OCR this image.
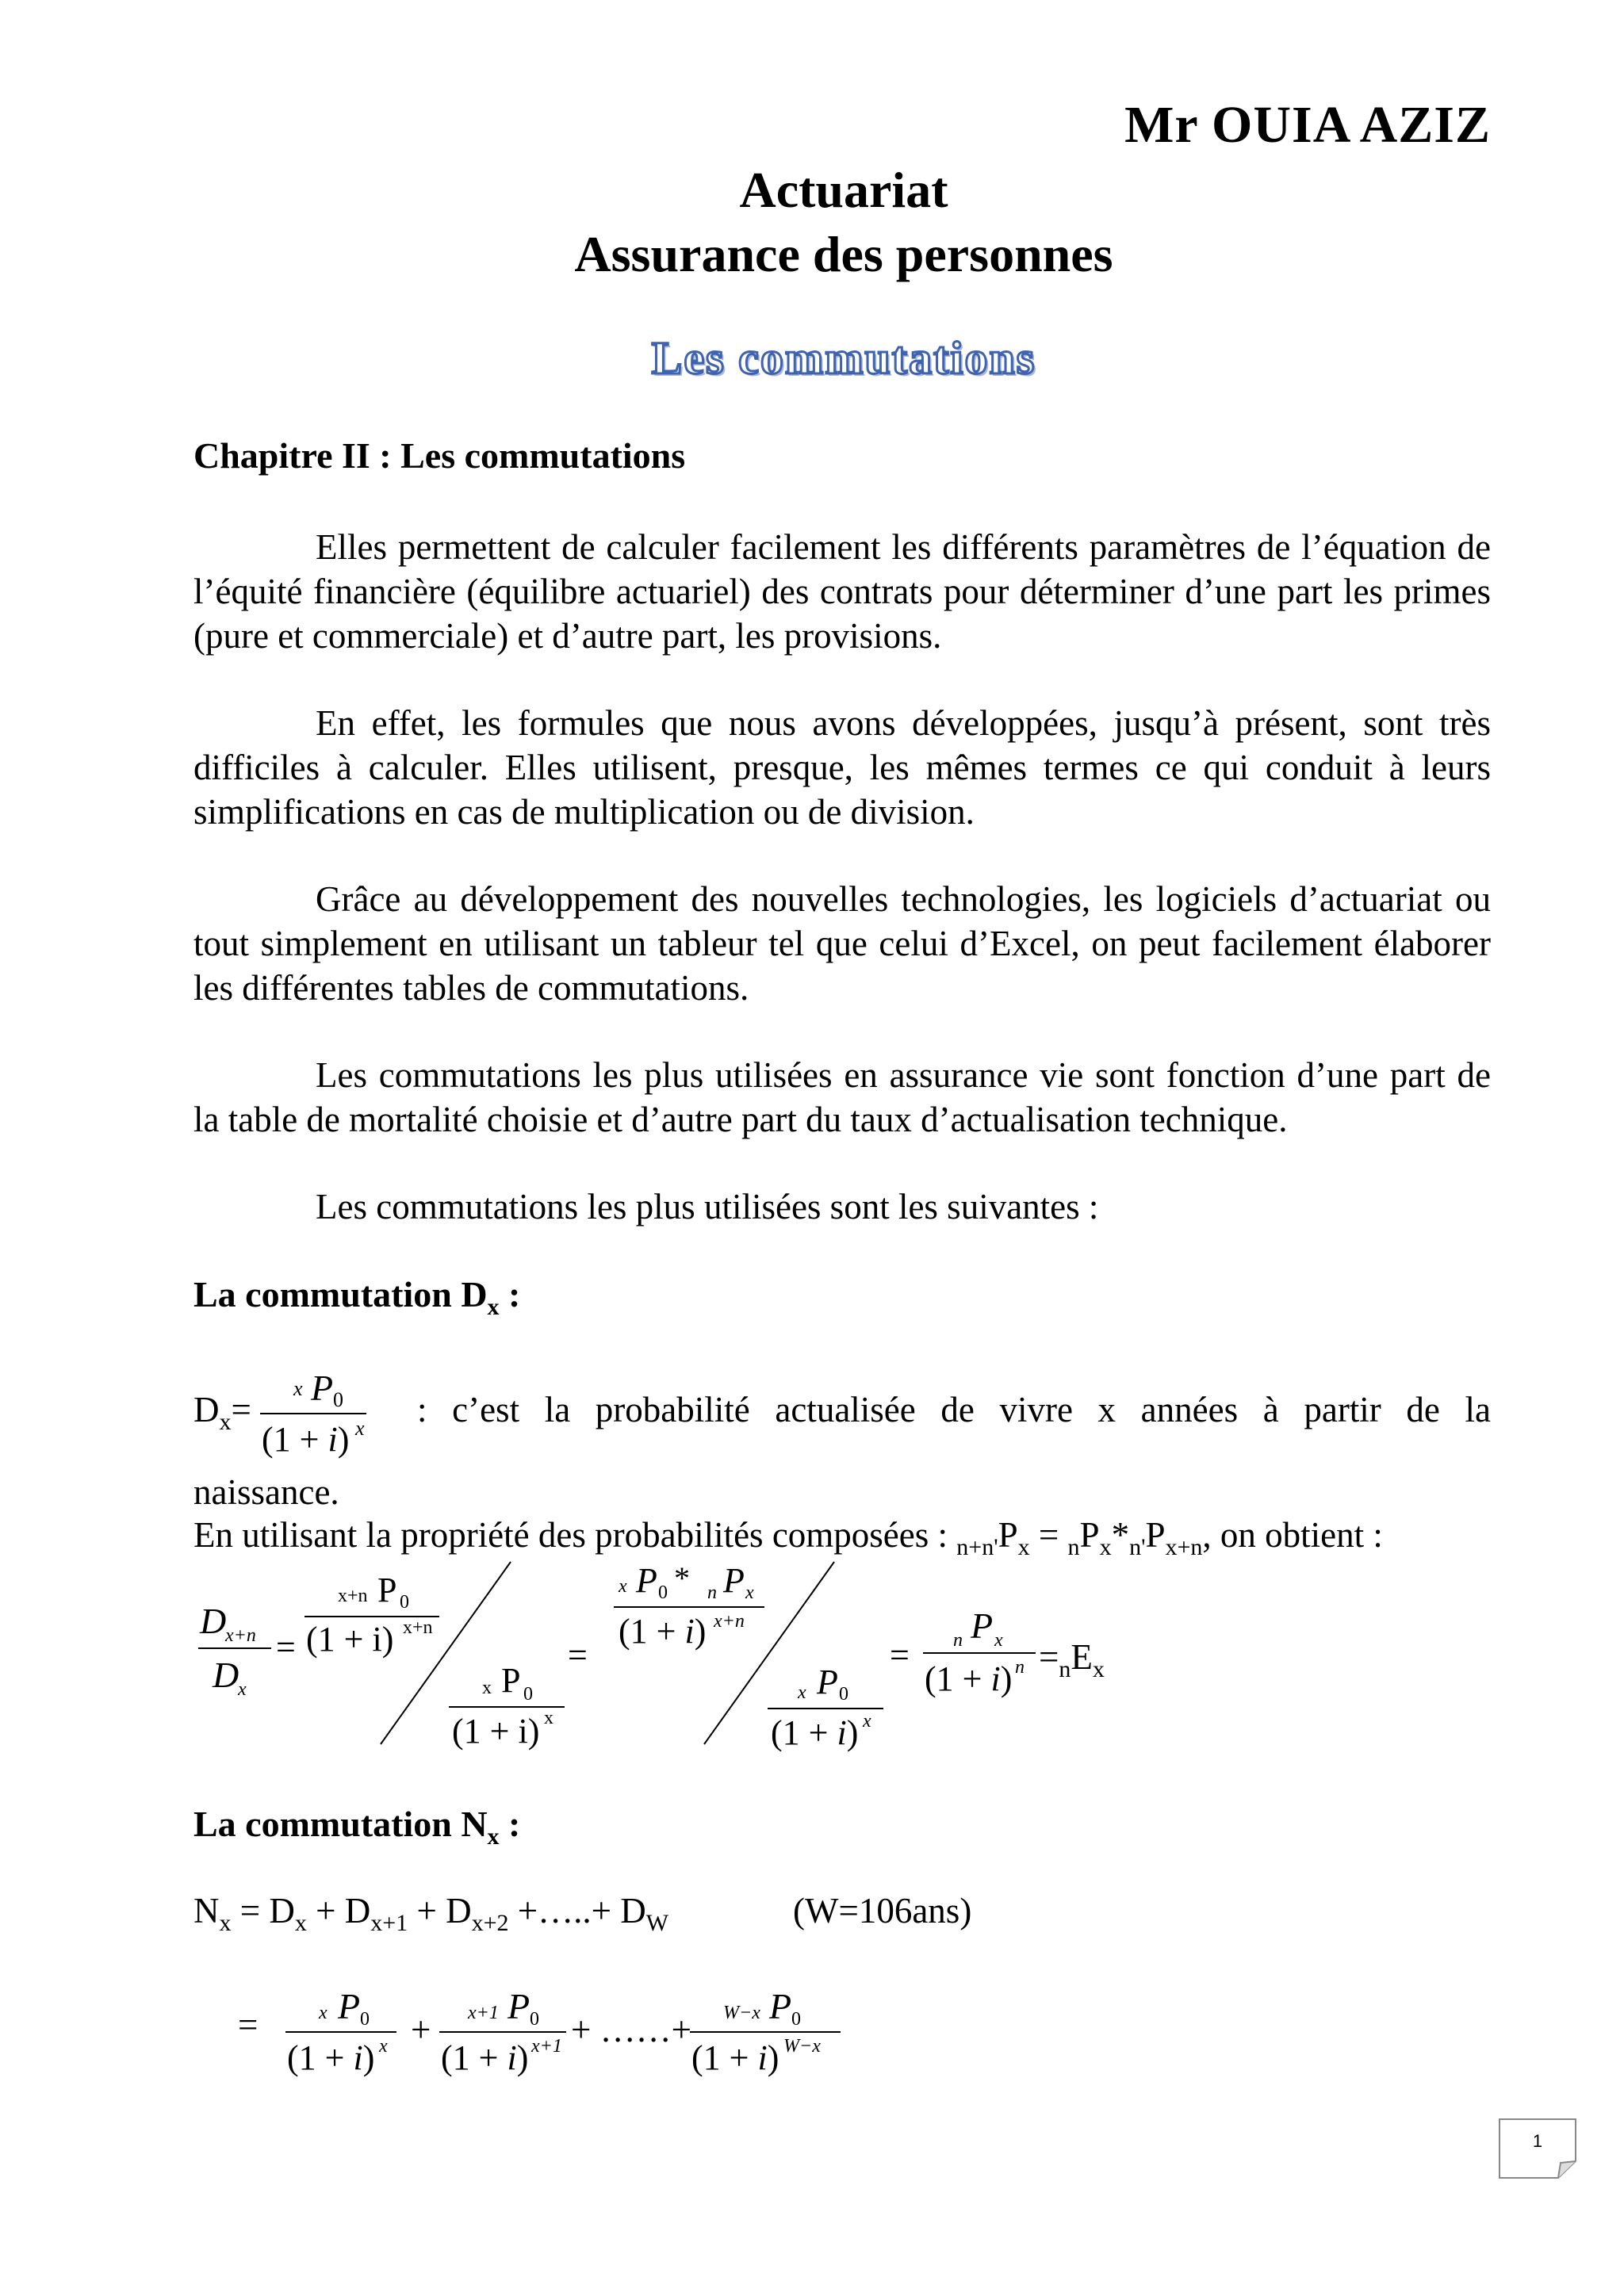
Mr OUIA AZIZ
Actuariat
Assurance des personnes
Les commutations
Chapitre II : Les commutations
Elles permettent de calculer facilement les différents paramètres de l’équation de l’équité financière (équilibre actuariel) des contrats pour déterminer d’une part les primes (pure et commerciale) et d’autre part, les provisions.
En effet, les formules que nous avons développées, jusqu’à présent, sont très difficiles à calculer. Elles utilisent, presque, les mêmes termes ce qui conduit à leurs simplifications en cas de multiplication ou de division.
Grâce au développement des nouvelles technologies, les logiciels d’actuariat ou tout simplement en utilisant un tableur tel que celui d’Excel, on peut facilement élaborer les différentes tables de commutations.
Les commutations les plus utilisées en assurance vie sont fonction d’une part de la table de mortalité choisie et d’autre part du taux d’actualisation technique.
Les commutations les plus utilisées sont les suivantes :
La commutation $D_x$ :
$D_x=$
x P 0
(1 + i) x : c’est la probabilité actualisée de vivre x années à partir de la
naissance.
En utilisant la propriété des probabilités composées : $_{n+n'}P_x = _nP_x*_{n'}P_{x+n}$, on obtient :
D
x+n
D
x
=
x+n P 0
(1 + i) x+n
x P 0
(1 + i) x
=
x P 0 * n P x
(1 + i) x+n
x P 0
(1 + i) x
= n P x
(1 + i) $n =_nE_x$
La commutation $N_x$ :
$N_x = D_x + D_{x+1} + D_{x+2}$ +…..+ $D_W$	(W=106ans)
=	x P 0
(1 + i) x
x+1 P 0
(1 + i) x+1
W−x P 0
(1 + i) W−x
+	+ ……+
1
